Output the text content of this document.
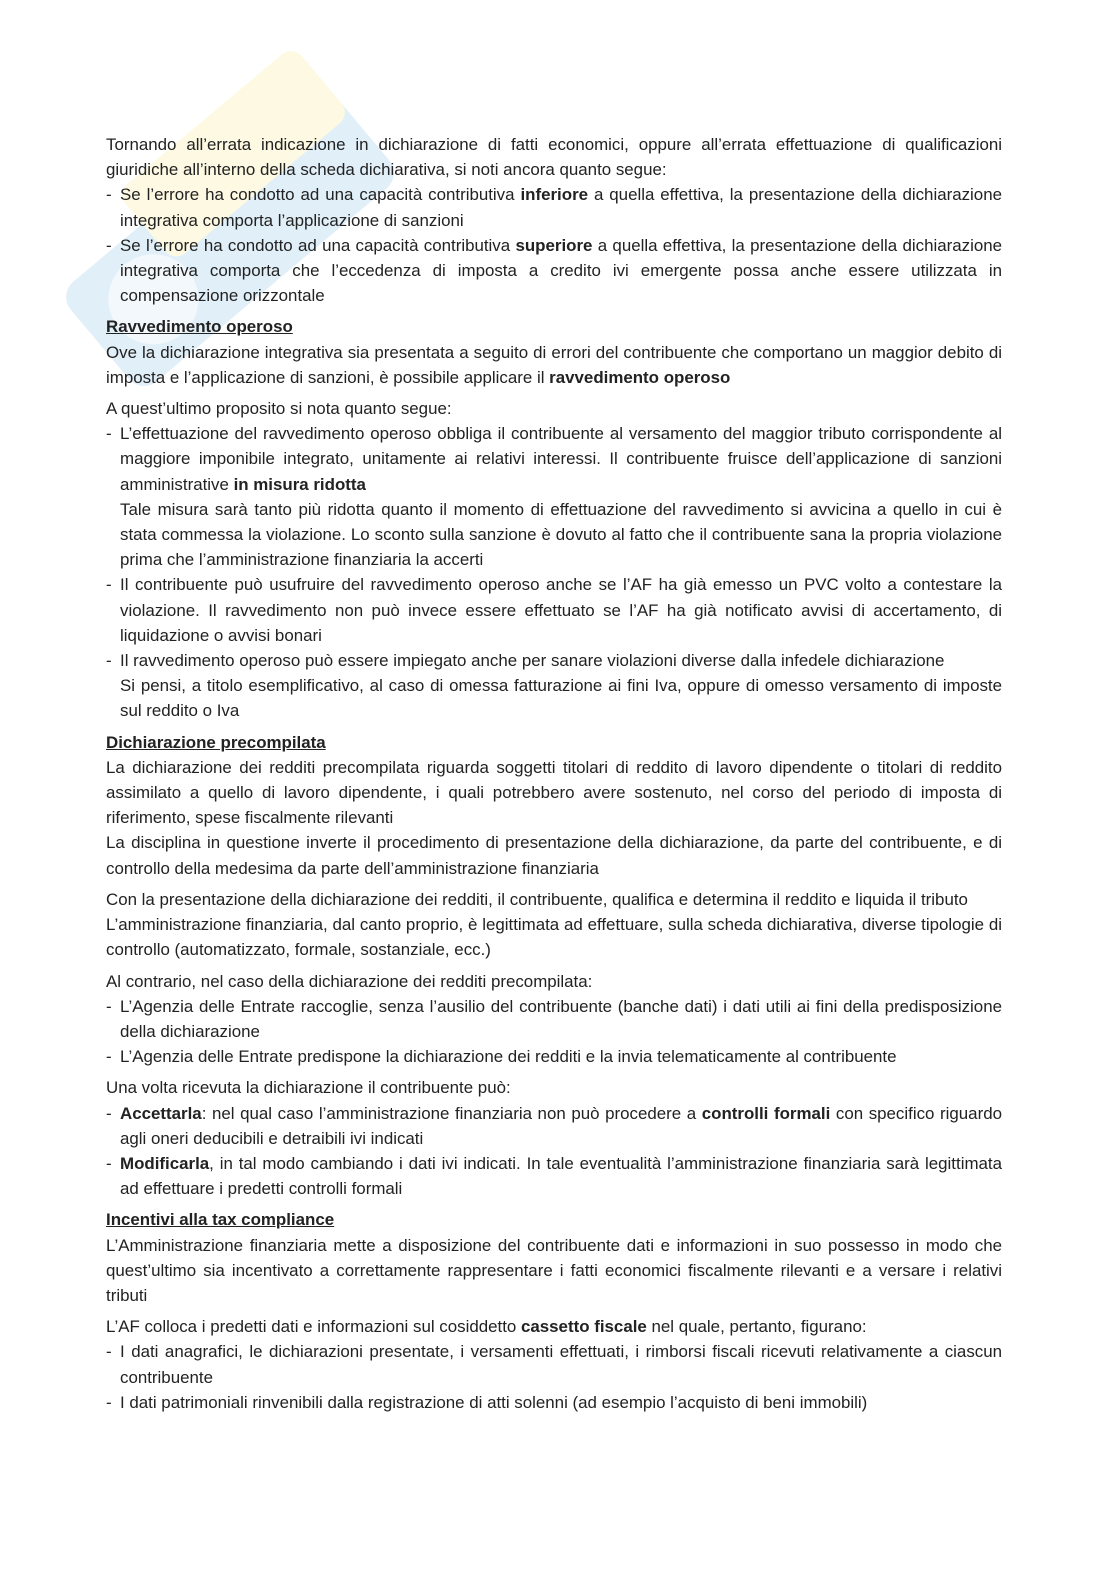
Tornando all’errata indicazione in dichiarazione di fatti economici, oppure all’errata effettuazione di qualificazioni giuridiche all’interno della scheda dichiarativa, si noti ancora quanto segue:

- Se l’errore ha condotto ad una capacità contributiva inferiore a quella effettiva, la presentazione della dichiarazione integrativa comporta l’applicazione di sanzioni
- Se l’errore ha condotto ad una capacità contributiva superiore a quella effettiva, la presentazione della dichiarazione integrativa comporta che l’eccedenza di imposta a credito ivi emergente possa anche essere utilizzata in compensazione orizzontale
Ravvedimento operoso

Ove la dichiarazione integrativa sia presentata a seguito di errori del contribuente che comportano un maggior debito di imposta e l’applicazione di sanzioni, è possibile applicare il ravvedimento operoso

A quest’ultimo proposito si nota quanto segue:

- L’effettuazione del ravvedimento operoso obbliga il contribuente al versamento del maggior tributo corrispondente al maggiore imponibile integrato, unitamente ai relativi interessi. Il contribuente fruisce dell’applicazione di sanzioni amministrative in misura ridotta
Tale misura sarà tanto più ridotta quanto il momento di effettuazione del ravvedimento si avvicina a quello in cui è stata commessa la violazione. Lo sconto sulla sanzione è dovuto al fatto che il contribuente sana la propria violazione prima che l’amministrazione finanziaria la accerti
- Il contribuente può usufruire del ravvedimento operoso anche se l’AF ha già emesso un PVC volto a contestare la violazione. Il ravvedimento non può invece essere effettuato se l’AF ha già notificato avvisi di accertamento, di liquidazione o avvisi bonari
- Il ravvedimento operoso può essere impiegato anche per sanare violazioni diverse dalla infedele dichiarazione
Si pensi, a titolo esemplificativo, al caso di omessa fatturazione ai fini Iva, oppure di omesso versamento di imposte sul reddito o Iva
Dichiarazione precompilata

La dichiarazione dei redditi precompilata riguarda soggetti titolari di reddito di lavoro dipendente o titolari di reddito assimilato a quello di lavoro dipendente, i quali potrebbero avere sostenuto, nel corso del periodo di imposta di riferimento, spese fiscalmente rilevanti

La disciplina in questione inverte il procedimento di presentazione della dichiarazione, da parte del contribuente, e di controllo della medesima da parte dell’amministrazione finanziaria

Con la presentazione della dichiarazione dei redditi, il contribuente, qualifica e determina il reddito e liquida il tributo

L’amministrazione finanziaria, dal canto proprio, è legittimata ad effettuare, sulla scheda dichiarativa, diverse tipologie di controllo (automatizzato, formale, sostanziale, ecc.)

Al contrario, nel caso della dichiarazione dei redditi precompilata:

- L’Agenzia delle Entrate raccoglie, senza l’ausilio del contribuente (banche dati) i dati utili ai fini della predisposizione della dichiarazione
- L’Agenzia delle Entrate predispone la dichiarazione dei redditi e la invia telematicamente al contribuente

Una volta ricevuta la dichiarazione il contribuente può:

- Accettarla: nel qual caso l’amministrazione finanziaria non può procedere a controlli formali con specifico riguardo agli oneri deducibili e detraibili ivi indicati
- Modificarla, in tal modo cambiando i dati ivi indicati. In tale eventualità l’amministrazione finanziaria sarà legittimata ad effettuare i predetti controlli formali
Incentivi alla tax compliance

L’Amministrazione finanziaria mette a disposizione del contribuente dati e informazioni in suo possesso in modo che quest’ultimo sia incentivato a correttamente rappresentare i fatti economici fiscalmente rilevanti e a versare i relativi tributi

L’AF colloca i predetti dati e informazioni sul cosiddetto cassetto fiscale nel quale, pertanto, figurano:

- I dati anagrafici, le dichiarazioni presentate, i versamenti effettuati, i rimborsi fiscali ricevuti relativamente a ciascun contribuente
- I dati patrimoniali rinvenibili dalla registrazione di atti solenni (ad esempio l’acquisto di beni immobili)
